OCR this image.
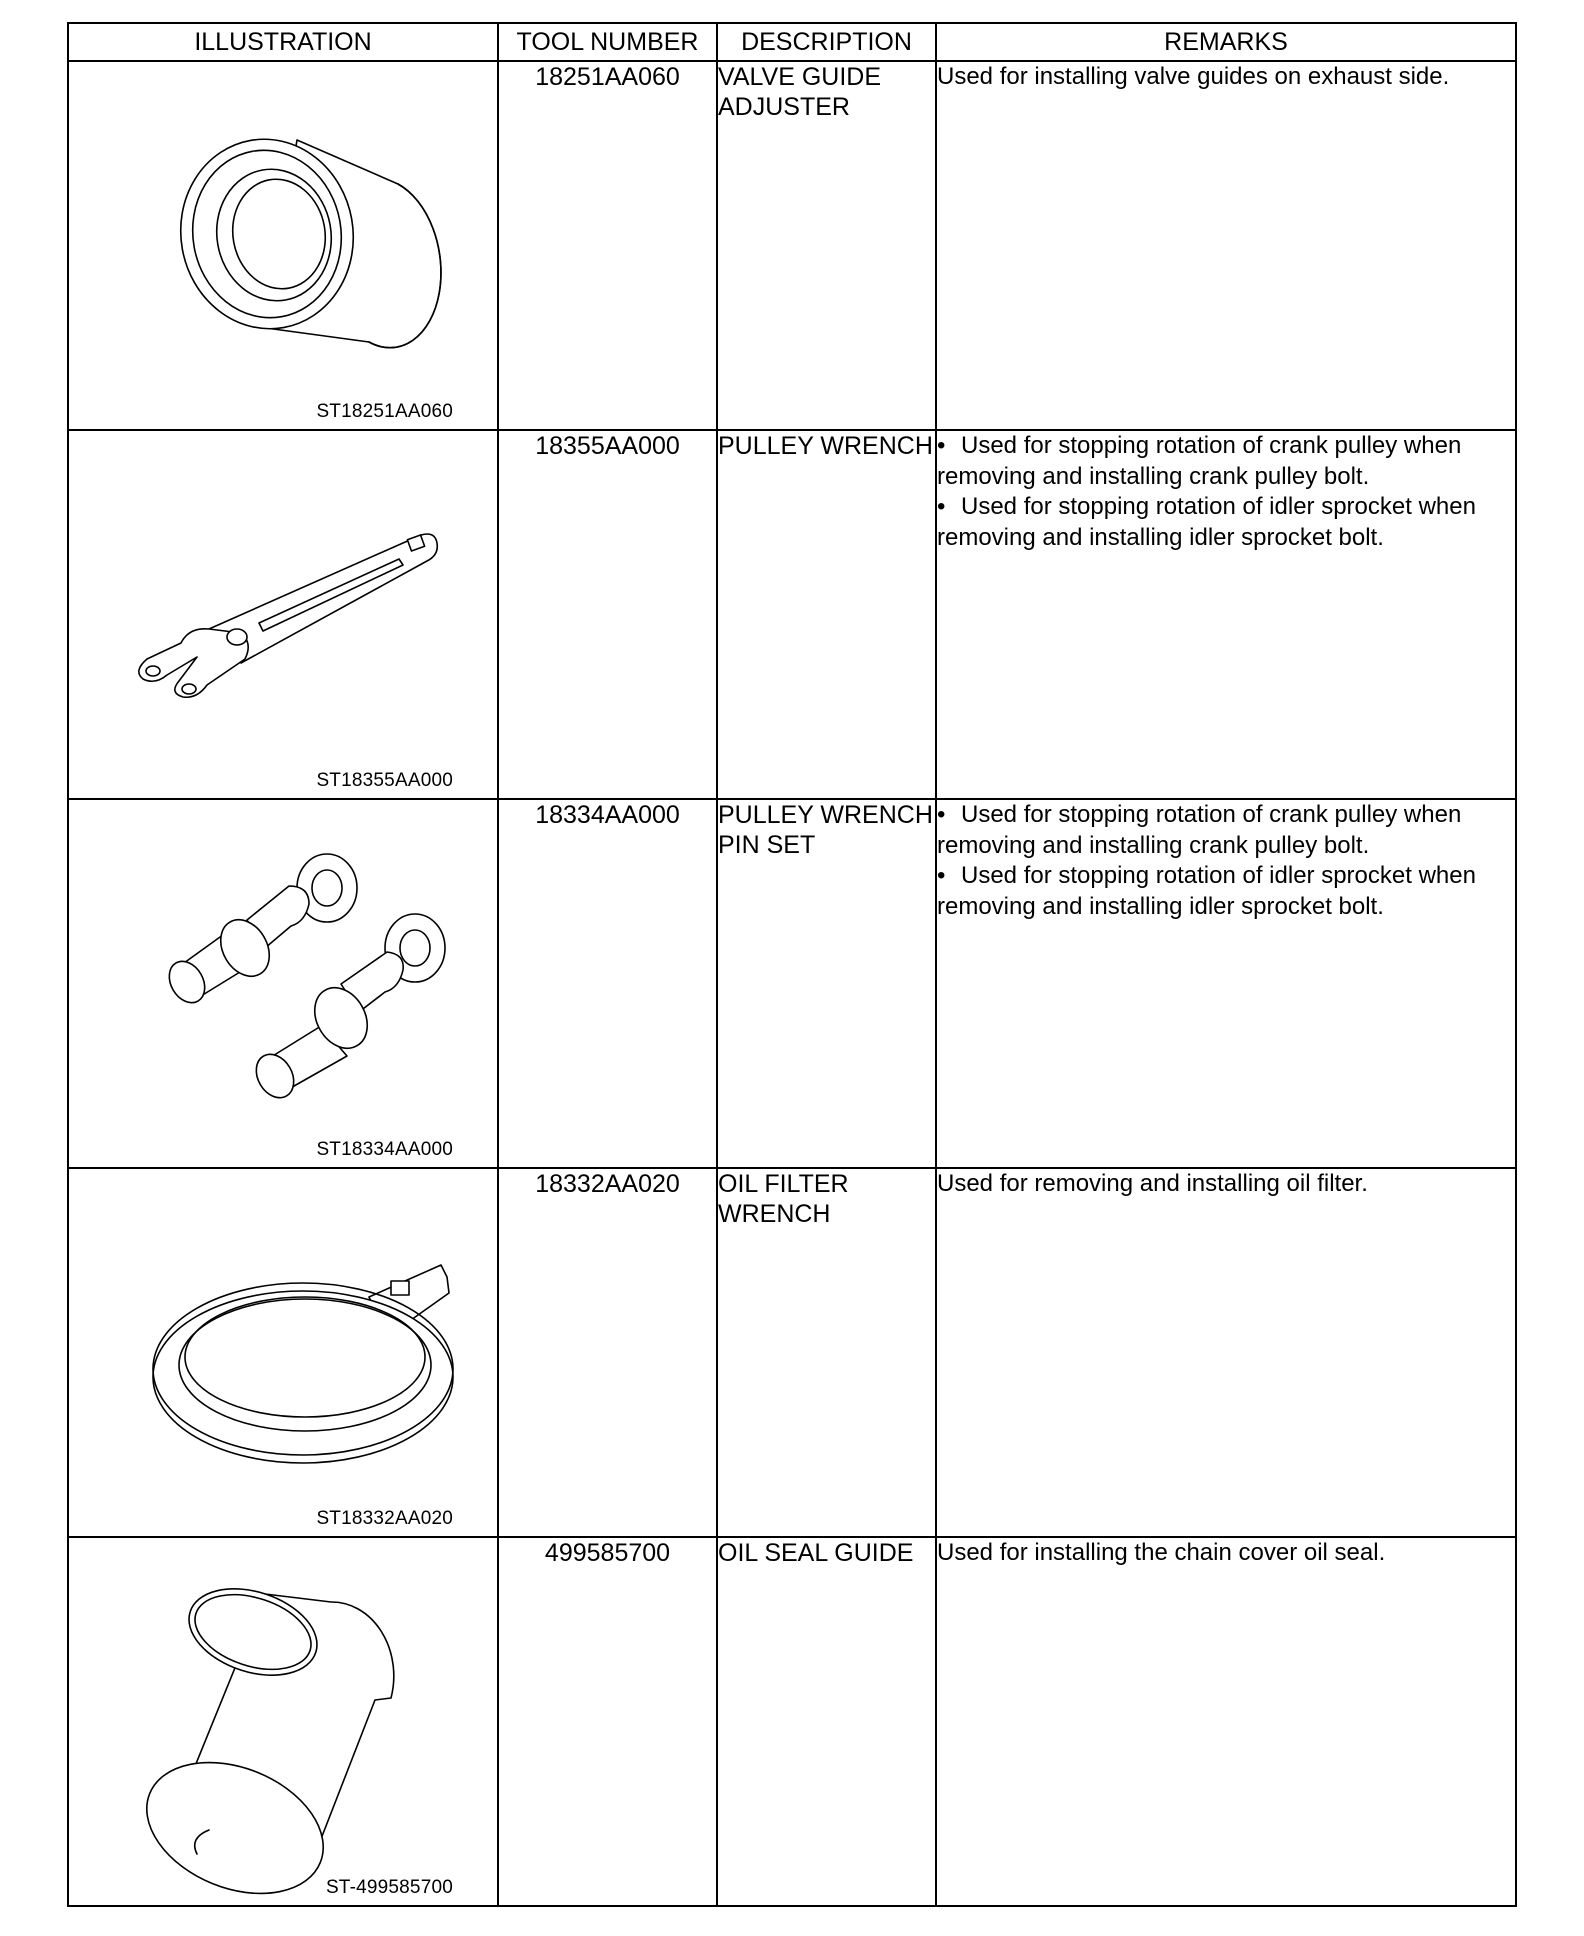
ILLUSTRATION	TOOL NUMBER	DESCRIPTION	REMARKS

ST18251AA060	18251AA060	VALVE GUIDE ADJUSTER	Used for installing valve guides on exhaust side.

ST18355AA000	18355AA000	PULLEY WRENCH	• Used for stopping rotation of crank pulley when removing and installing crank pulley bolt.
• Used for stopping rotation of idler sprocket when removing and installing idler sprocket bolt.

ST18334AA000	18334AA000	PULLEY WRENCH PIN SET	• Used for stopping rotation of crank pulley when removing and installing crank pulley bolt.
• Used for stopping rotation of idler sprocket when removing and installing idler sprocket bolt.

ST18332AA020	18332AA020	OIL FILTER WRENCH	Used for removing and installing oil filter.

ST-499585700	499585700	OIL SEAL GUIDE	Used for installing the chain cover oil seal.
